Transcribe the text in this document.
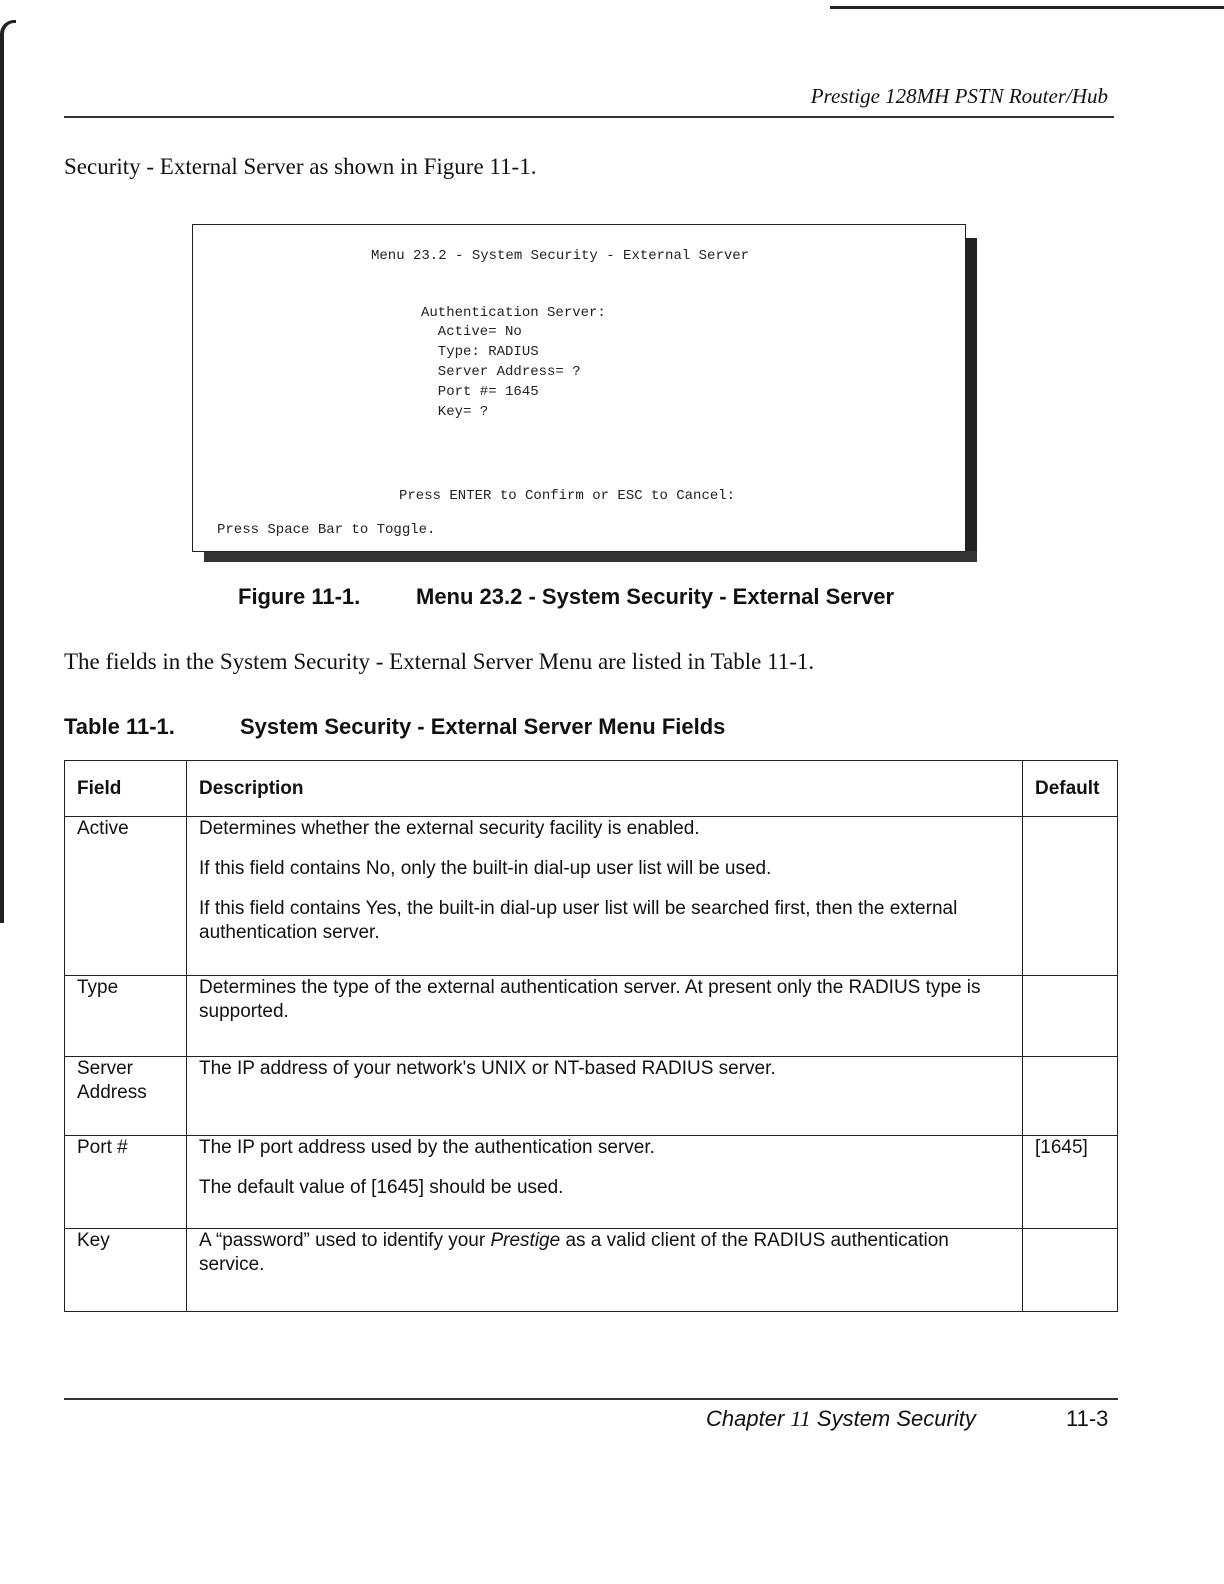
Prestige 128MH PSTN Router/Hub
Security - External Server as shown in Figure 11-1.
Menu 23.2 - System Security - External Server
Authentication Server:
Active= No
Type: RADIUS
Server Address= ?
Port #= 1645
Key= ?
Press ENTER to Confirm or ESC to Cancel:
Press Space Bar to Toggle.
Figure 11-1.	Menu 23.2 - System Security - External Server
The fields in the System Security - External Server Menu are listed in Table 11-1.
Table 11-1.	System Security - External Server Menu Fields
Field	Description	Default
Active	Determines whether the external security facility is enabled.

If this field contains No, only the built-in dial-up user list will be used.

If this field contains Yes, the built-in dial-up user list will be searched first, then the external authentication server.	

Type	Determines the type of the external authentication server. At present only the RADIUS type is supported.	

Server Address	The IP address of your network's UNIX or NT-based RADIUS server.	

Port #	The IP port address used by the authentication server.

The default value of [1645] should be used.	[1645]
Key	A “password” used to identify your Prestige as a valid client of the RADIUS authentication service.	

Chapter 11 System Security	11-3
